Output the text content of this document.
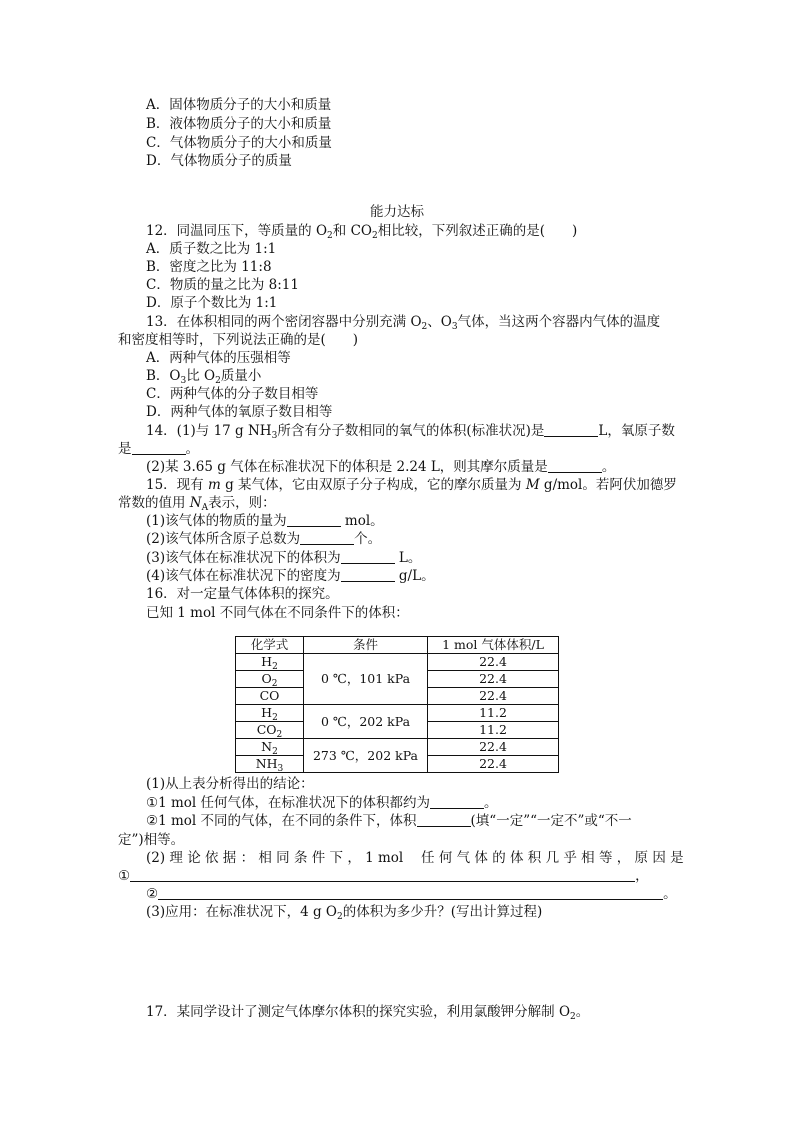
A．固体物质分子的大小和质量
B．液体物质分子的大小和质量
C．气体物质分子的大小和质量
D．气体物质分子的质量
能力达标
12．同温同压下，等质量的 $O_2$和 $CO_2$相比较，下列叙述正确的是(　　)
A．质子数之比为 1:1
B．密度之比为 11:8
C．物质的量之比为 8:11
D．原子个数比为 1:1
13．在体积相同的两个密闭容器中分别充满 $O_2$、$O_3$气体，当这两个容器内气体的温度
和密度相等时，下列说法正确的是(　　)
A．两种气体的压强相等
B．$O_3$比 $O_2$质量小
C．两种气体的分子数目相等
D．两种气体的氧原子数目相等
14．(1)与 17 g $NH_3$所含有分子数相同的氧气的体积(标准状况)是	L，氧原子数
是	。
(2)某 3.65 g 气体在标准状况下的体积是 2.24 L，则其摩尔质量是	。
15．现有 m g 某气体，它由双原子分子构成，它的摩尔质量为 M g/mol。若阿伏加德罗
常数的值用 $N_A$表示，则：
(1)该气体的物质的量为	mol。
(2)该气体所含原子总数为	个。
(3)该气体在标准状况下的体积为	L。
(4)该气体在标准状况下的密度为	g/L。
16．对一定量气体体积的探究。
已知 1 mol 不同气体在不同条件下的体积：
化学式	条件	1 mol 气体体积/L
$H_2$	0 ℃，101 kPa	22.4
$O_2$		22.4
CO		22.4
$H_2$	0 ℃，202 kPa	11.2
$CO_2$		11.2
$N_2$	273 ℃，202 kPa	22.4
$NH_3$		22.4
(1)从上表分析得出的结论：
①1 mol 任何气体，在标准状况下的体积都约为	。
②1 mol 不同的气体，在不同的条件下，体积	(填“一定”“一定不”或“不一
定”)相等。
(2) 理 论 依 据 ： 相 同 条 件 下 ， 1 mol 　任 何 气 体 的 体 积 几 乎 相 等 ， 原 因 是
①	，
②	。
(3)应用：在标准状况下，4 g $O_2$的体积为多少升？(写出计算过程)
17．某同学设计了测定气体摩尔体积的探究实验，利用氯酸钾分解制 $O_2$。
